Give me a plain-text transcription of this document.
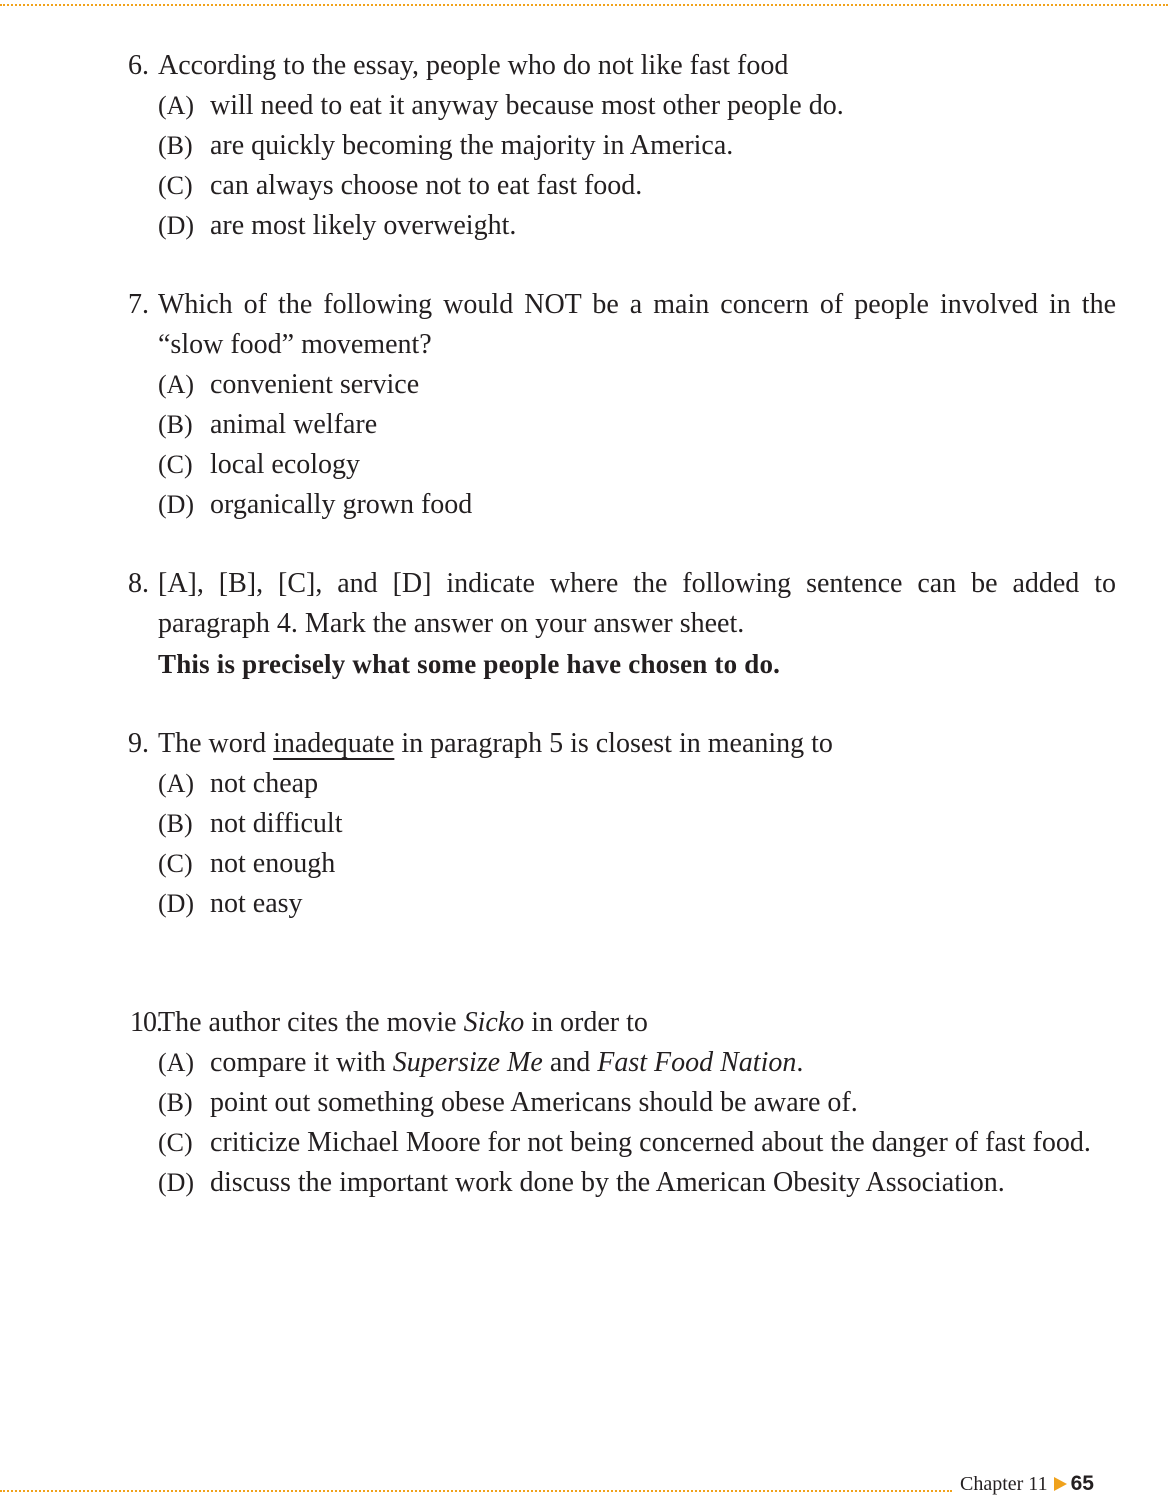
6. According to the essay, people who do not like fast food
(A) will need to eat it anyway because most other people do.
(B) are quickly becoming the majority in America.
(C) can always choose not to eat fast food.
(D) are most likely overweight.
7. Which of the following would NOT be a main concern of people involved in the
“slow food” movement?
(A) convenient service
(B) animal welfare
(C) local ecology
(D) organically grown food
8. [A], [B], [C], and [D] indicate where the following sentence can be added to
paragraph 4. Mark the answer on your answer sheet.
This is precisely what some people have chosen to do.
9. The word inadequate in paragraph 5 is closest in meaning to
(A) not cheap
(B) not difficult
(C) not enough
(D) not easy
10.
The author cites the movie Sicko in order to
(A) compare it with Supersize Me and Fast Food Nation.
(B) point out something obese Americans should be aware of.
(C) criticize Michael Moore for not being concerned about the danger of fast food.
(D) discuss the important work done by the American Obesity Association.
Chapter 11 65
